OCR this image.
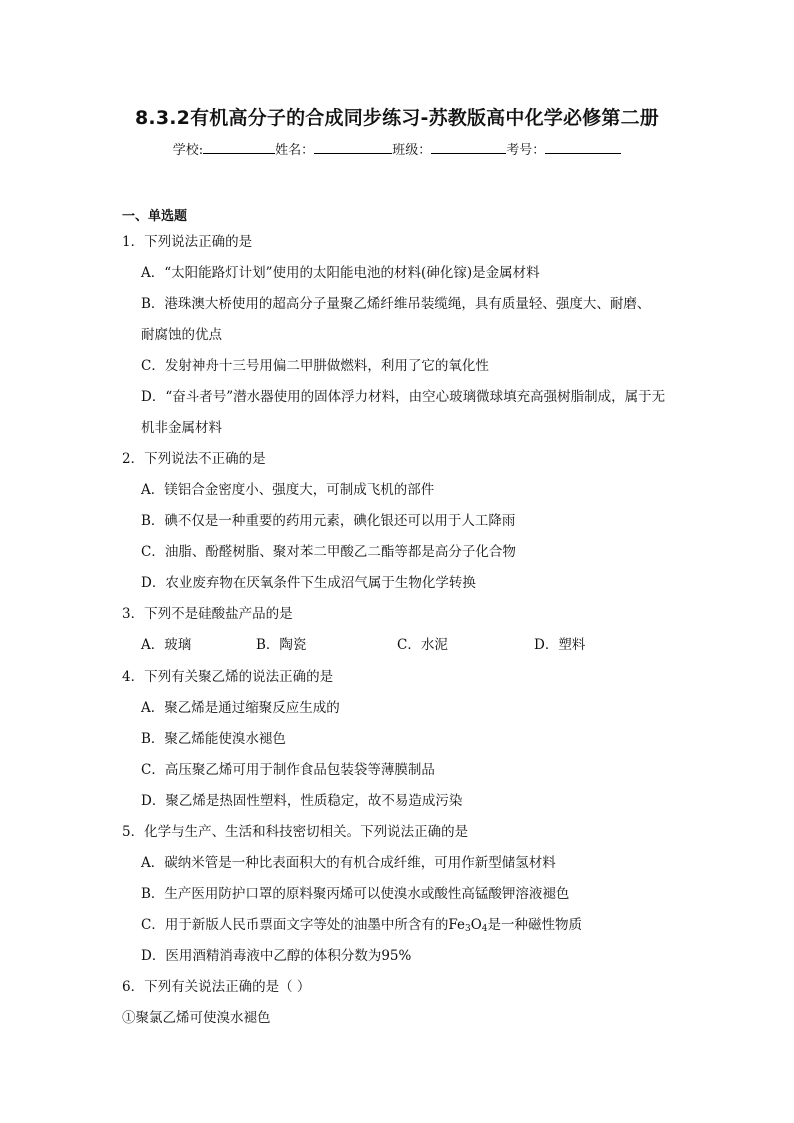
8.3.2有机高分子的合成同步练习-苏教版高中化学必修第二册
学校:	姓名：	班级：	考号：
一、单选题
1．下列说法正确的是
A．“太阳能路灯计划”使用的太阳能电池的材料(砷化镓)是金属材料
B．港珠澳大桥使用的超高分子量聚乙烯纤维吊装缆绳，具有质量轻、强度大、耐磨、
耐腐蚀的优点
C．发射神舟十三号用偏二甲肼做燃料，利用了它的氧化性
D．“奋斗者号”潜水器使用的固体浮力材料，由空心玻璃微球填充高强树脂制成，属于无
机非金属材料
2．下列说法不正确的是
A．镁铝合金密度小、强度大，可制成飞机的部件
B．碘不仅是一种重要的药用元素，碘化银还可以用于人工降雨
C．油脂、酚醛树脂、聚对苯二甲酸乙二酯等都是高分子化合物
D．农业废弃物在厌氧条件下生成沼气属于生物化学转换
3．下列不是硅酸盐产品的是
A．玻璃	B．陶瓷	C．水泥	D．塑料
4．下列有关聚乙烯的说法正确的是
A．聚乙烯是通过缩聚反应生成的
B．聚乙烯能使溴水褪色
C．高压聚乙烯可用于制作食品包装袋等薄膜制品
D．聚乙烯是热固性塑料，性质稳定，故不易造成污染
5．化学与生产、生活和科技密切相关。下列说法正确的是
A．碳纳米管是一种比表面积大的有机合成纤维，可用作新型储氢材料
B．生产医用防护口罩的原料聚丙烯可以使溴水或酸性高锰酸钾溶液褪色
C．用于新版人民币票面文字等处的油墨中所含有的$Fe_3O_4$是一种磁性物质
D．医用酒精消毒液中乙醇的体积分数为95%
6．下列有关说法正确的是（ ）
①聚氯乙烯可使溴水褪色
